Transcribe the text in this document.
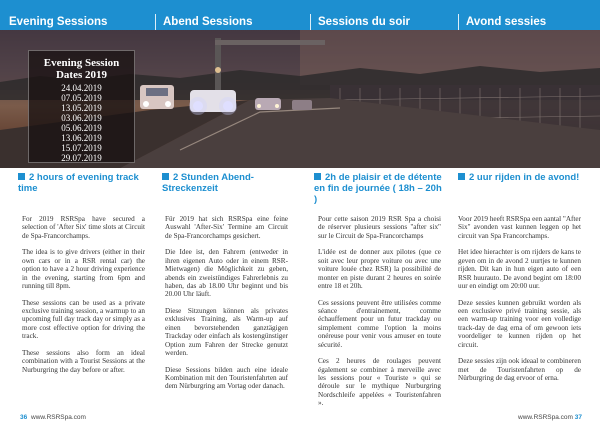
Evening Sessions	Abend Sessions	Sessions du soir	Avond sessies
Evening Session
Dates 2019
24.04.2019
07.05.2019
13.05.2019
03.06.2019
05.06.2019
13.06.2019
15.07.2019
29.07.2019
2 hours of evening track time
2 Stunden Abend-Streckenzeit
2h de plaisir et de détente en fin de journée ( 18h – 20h )
2 uur rijden in de avond!

For 2019 RSRSpa have secured a selection of 'After Six' time slots at Circuit de Spa-Francorchamps.

The idea is to give drivers (either in their own cars or in a RSR rental car) the option to have a 2 hour driving experience in the evening, starting from 6pm and running till 8pm.

These sessions can be used as a private exclusive training session, a warmup to an upcoming full day track day or simply as a more cost effective option for driving the track.

These sessions also form an ideal combination with a Tourist Sessions at the Nurburgring the day before or after.

Für 2019 hat sich RSRSpa eine feine Auswahl 'After-Six' Termine am Circuit de Spa-Francorchamps gesichert.

Die Idee ist, den Fahrern (entweder in ihren eigenen Auto oder in einem RSR-Mietwagen) die Möglichkeit zu geben, abends ein zweistündiges Fahrerlebnis zu haben, das ab 18.00 Uhr beginnt und bis 20.00 Uhr läuft.

Diese Sitzungen können als privates exklusives Training, als Warm-up auf einen bevorstehenden ganztägigen Trackday oder einfach als kostengünstiger Option zum Fahren der Strecke genutzt werden.

Diese Sessions bilden auch eine ideale Kombination mit den Touristenfahrten auf dem Nürburgring am Vortag oder danach.

Pour cette saison 2019 RSR Spa a choisi de réserver plusieurs sessions "after six" sur le Circuit de Spa-Francorchamps

L'idée est de donner aux pilotes (que ce soit avec leur propre voiture ou avec une voiture louée chez RSR) la possibilité de monter en piste durant 2 heures en soirée entre 18 et 20h.

Ces sessions peuvent être utilisées comme séance d'entrainement, comme échauffement pour un futur trackday ou simplement comme l'option la moins onéreuse pour venir vous amuser en toute sécurité.

Ces 2 heures de roulages peuvent également se combiner à merveille avec les sessions pour « Touriste » qui se déroule sur le mythique Nurburgring Nordschleife appelées « Touristenfahren ».

Voor 2019 heeft RSRSpa een aantal "After Six" avonden vast kunnen leggen op het circuit van Spa Francorchamps.

Het idee hierachter is om rijders de kans te geven om in de avond 2 uurtjes te kunnen rijden. Dit kan in hun eigen auto of een RSR huurauto. De avond begint om 18:00 uur en eindigt om 20:00 uur.

Deze sessies kunnen gebruikt worden als een exclusieve privé training sessie, als een warm-up training voor een volledige track-day de dag erna of om gewoon iets voordeliger te kunnen rijden op het circuit.

Deze sessies zijn ook ideaal te combineren met de Touristenfahrten op de Nürburgring de dag ervoor of erna.

36 www.RSRSpa.com	www.RSRSpa.com 37
